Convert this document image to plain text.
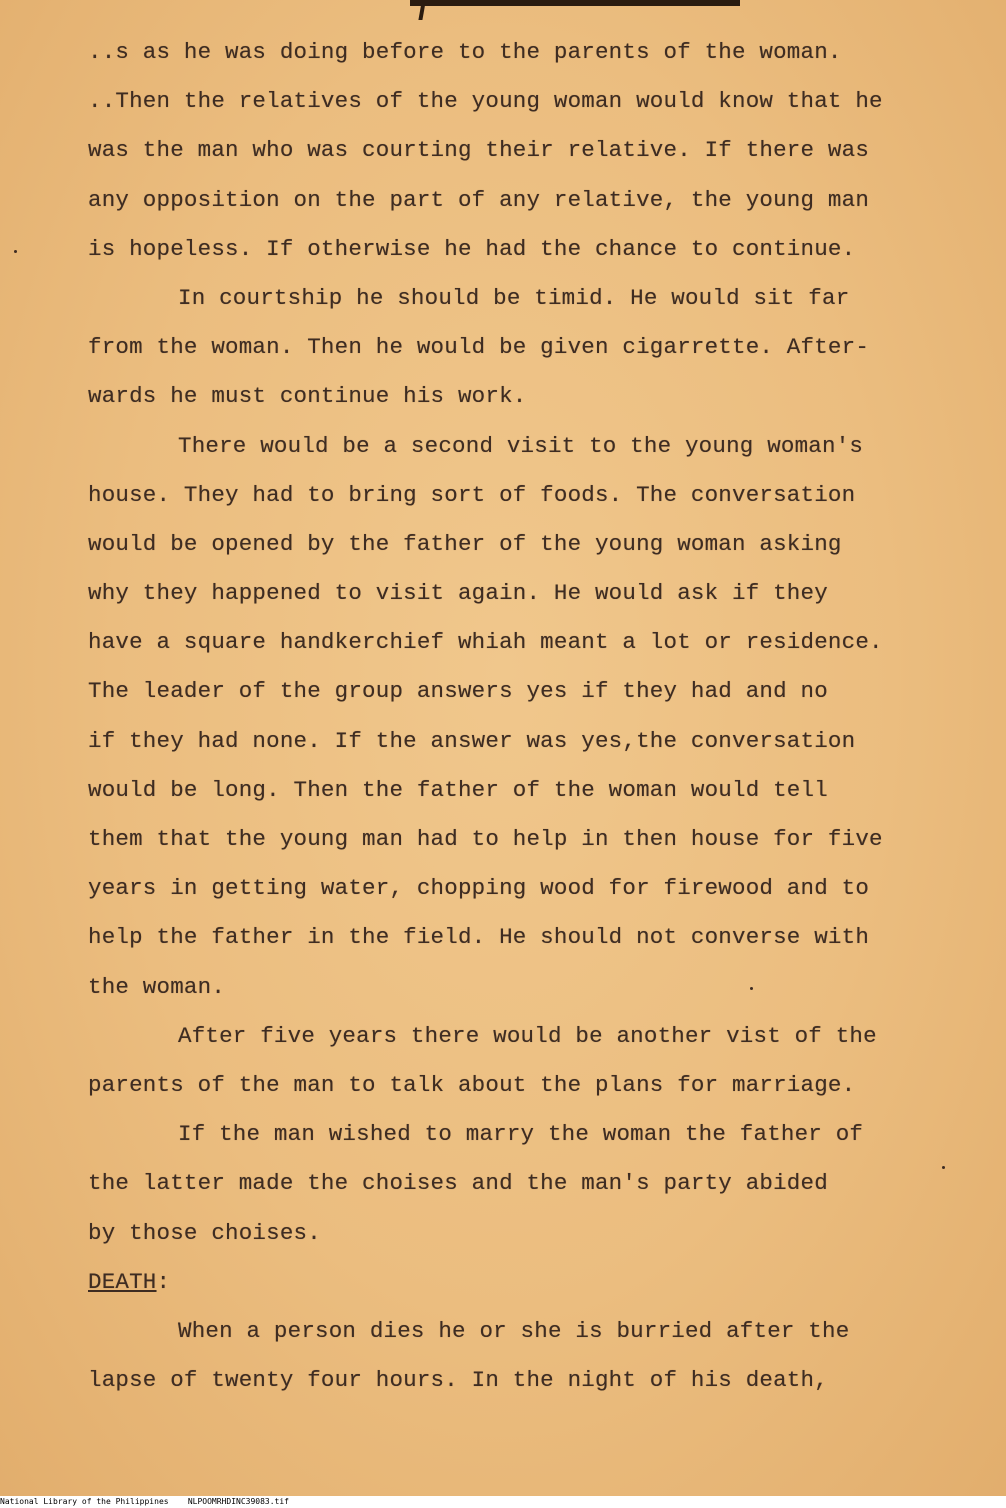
..s as he was doing before to the parents of the woman.
..Then the relatives of the young woman would know that he
was the man who was courting their relative. If there was
any opposition on the part of any relative, the young man
is hopeless. If otherwise he had the chance to continue.
In courtship he should be timid. He would sit far
from the woman. Then he would be given cigarrette. After-
wards he must continue his work.
There would be a second visit to the young woman's
house. They had to bring sort of foods. The conversation
would be opened by the father of the young woman asking
why they happened to visit again. He would ask if they
have a square handkerchief whiah meant a lot or residence.
The leader of the group answers yes if they had and no
if they had none. If the answer was yes,the conversation
would be long. Then the father of the woman would tell
them that the young man had to help in then house for five
years in getting water, chopping wood for firewood and to
help the father in the field. He should not converse with
the woman.
After five years there would be another vist of the
parents of the man to talk about the plans for marriage.
If the man wished to marry the woman the father of
the latter made the choises and the man's party abided
by those choises.
DEATH:
When a person dies he or she is burried after the
lapse of twenty four hours. In the night of his death,
National Library of the Philippines NLPOOMRHDINC39083.tif
